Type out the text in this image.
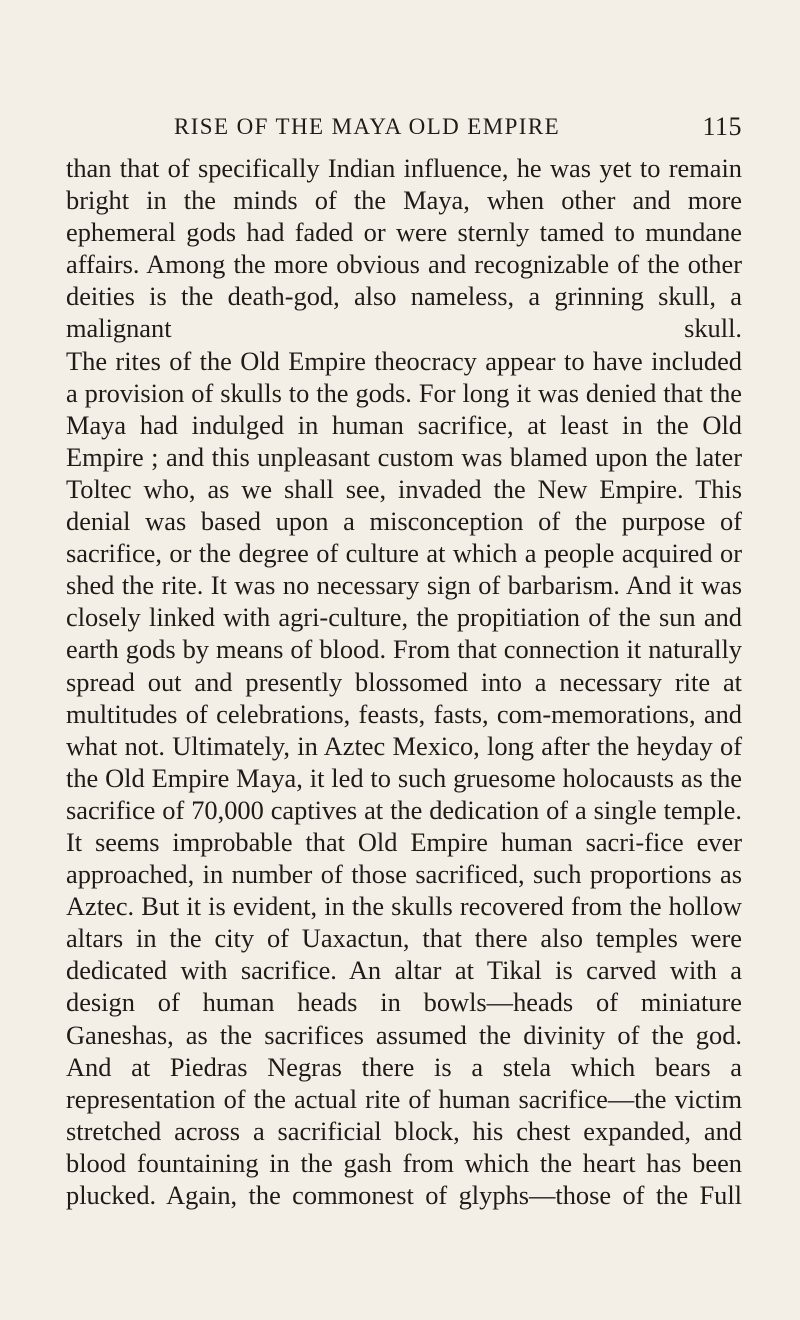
RISE OF THE MAYA OLD EMPIRE	115

than that of specifically Indian influence, he was yet to remain bright in the minds of the Maya, when other and more ephemeral gods had faded or were sternly tamed to mundane affairs. Among the more obvious and recognizable of the other deities is the death-god, also nameless, a grinning skull, a malignant skull.

The rites of the Old Empire theocracy appear to have included a provision of skulls to the gods. For long it was denied that the Maya had indulged in human sacrifice, at least in the Old Empire ; and this unpleasant custom was blamed upon the later Toltec who, as we shall see, invaded the New Empire. This denial was based upon a misconception of the purpose of sacrifice, or the degree of culture at which a people acquired or shed the rite. It was no necessary sign of barbarism. And it was closely linked with agri-culture, the propitiation of the sun and earth gods by means of blood. From that connection it naturally spread out and presently blossomed into a necessary rite at multitudes of celebrations, feasts, fasts, com-memorations, and what not. Ultimately, in Aztec Mexico, long after the heyday of the Old Empire Maya, it led to such gruesome holocausts as the sacrifice of 70,000 captives at the dedication of a single temple.

It seems improbable that Old Empire human sacri-fice ever approached, in number of those sacrificed, such proportions as Aztec. But it is evident, in the skulls recovered from the hollow altars in the city of Uaxactun, that there also temples were dedicated with sacrifice. An altar at Tikal is carved with a design of human heads in bowls—heads of miniature Ganeshas, as the sacrifices assumed the divinity of the god. And at Piedras Negras there is a stela which bears a representation of the actual rite of human sacrifice—the victim stretched across a sacrificial block, his chest expanded, and blood fountaining in the gash from which the heart has been plucked. Again, the commonest of glyphs—those of the Full
